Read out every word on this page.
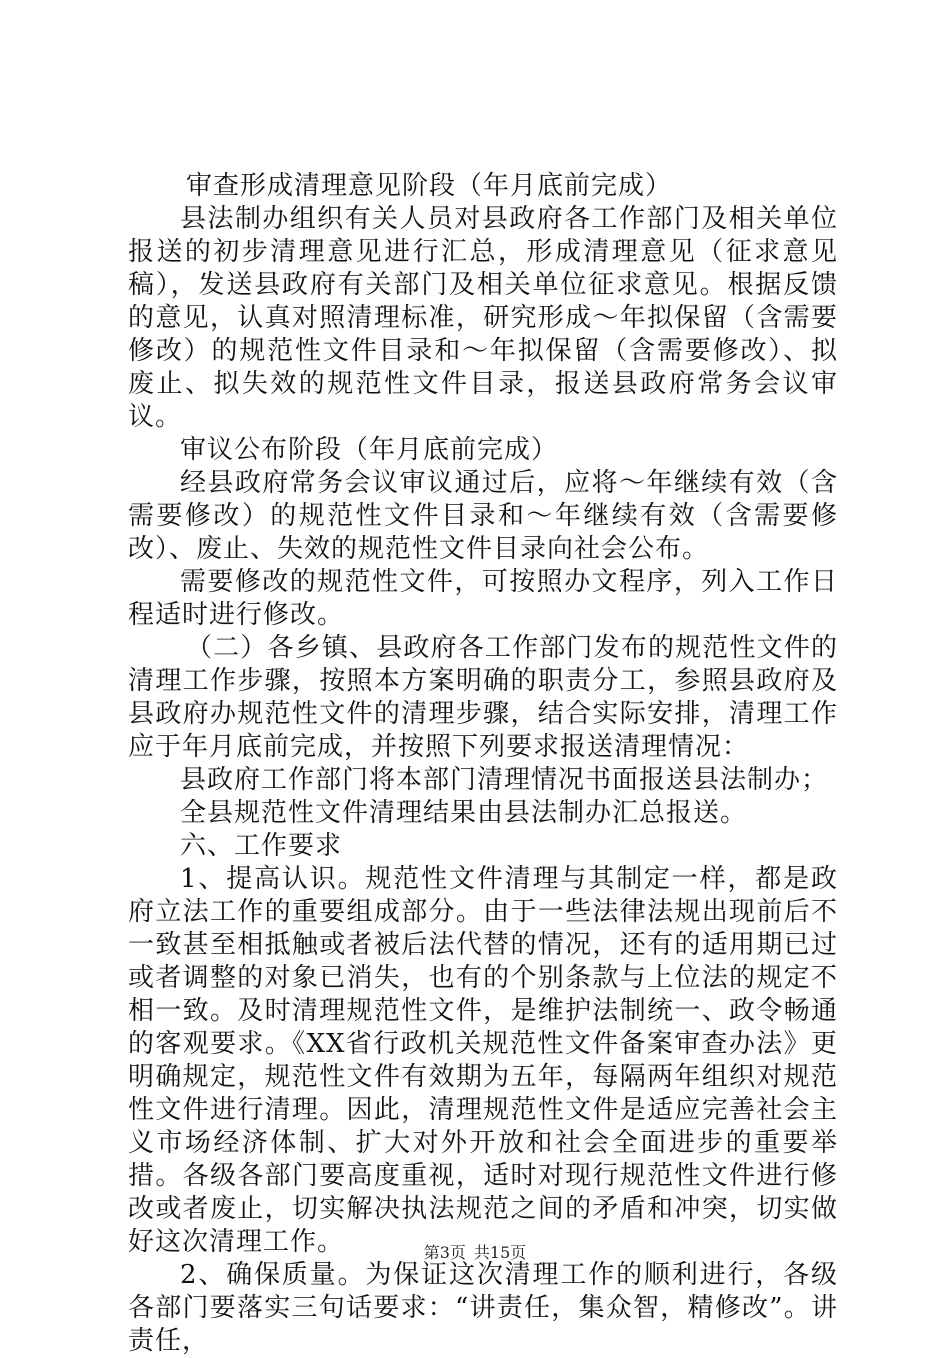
审查形成清理意见阶段（年月底前完成）

县法制办组织有关人员对县政府各工作部门及相关单位报送的初步清理意见进行汇总，形成清理意见（征求意见稿），发送县政府有关部门及相关单位征求意见。根据反馈的意见，认真对照清理标准，研究形成～年拟保留（含需要修改）的规范性文件目录和～年拟保留（含需要修改）、拟废止、拟失效的规范性文件目录，报送县政府常务会议审议。

审议公布阶段（年月底前完成）

经县政府常务会议审议通过后，应将～年继续有效（含需要修改）的规范性文件目录和～年继续有效（含需要修改）、废止、失效的规范性文件目录向社会公布。

需要修改的规范性文件，可按照办文程序，列入工作日程适时进行修改。

（二）各乡镇、县政府各工作部门发布的规范性文件的清理工作步骤，按照本方案明确的职责分工，参照县政府及县政府办规范性文件的清理步骤，结合实际安排，清理工作应于年月底前完成，并按照下列要求报送清理情况：

县政府工作部门将本部门清理情况书面报送县法制办；

全县规范性文件清理结果由县法制办汇总报送。

六、工作要求

1、提高认识。规范性文件清理与其制定一样，都是政府立法工作的重要组成部分。由于一些法律法规出现前后不一致甚至相抵触或者被后法代替的情况，还有的适用期已过或者调整的对象已消失，也有的个别条款与上位法的规定不相一致。及时清理规范性文件，是维护法制统一、政令畅通的客观要求。《XX省行政机关规范性文件备案审查办法》更明确规定，规范性文件有效期为五年，每隔两年组织对规范性文件进行清理。因此，清理规范性文件是适应完善社会主义市场经济体制、扩大对外开放和社会全面进步的重要举措。各级各部门要高度重视，适时对现行规范性文件进行修改或者废止，切实解决执法规范之间的矛盾和冲突，切实做好这次清理工作。

2、确保质量。为保证这次清理工作的顺利进行，各级各部门要落实三句话要求：“讲责任，集众智，精修改”。讲责任，

第3页 共15页
